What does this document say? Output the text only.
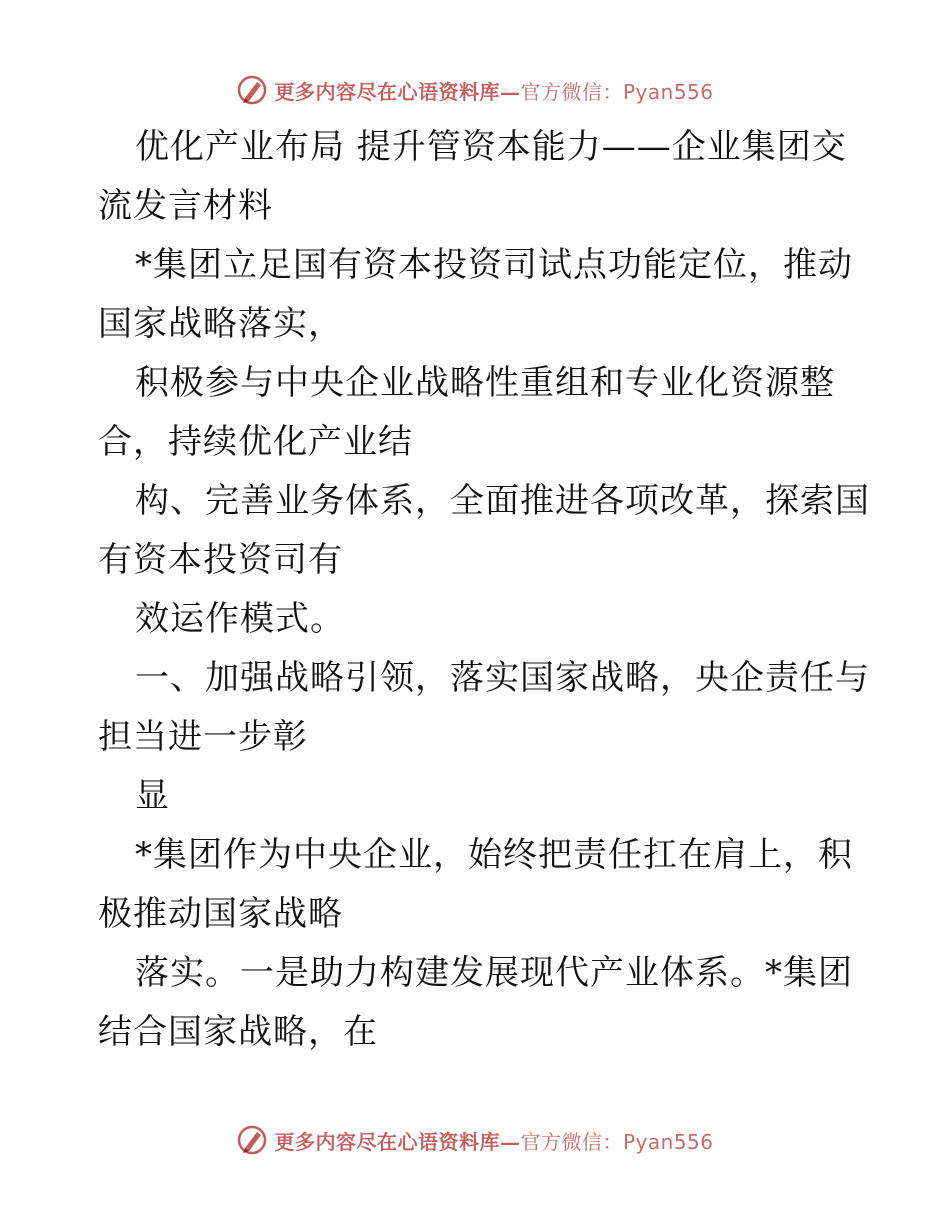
更多内容尽在心语资料库—官方微信：Pyan556
优化产业布局 提升管资本能力——企业集团交
流发言材料
*集团立足国有资本投资司试点功能定位，推动
国家战略落实，
积极参与中央企业战略性重组和专业化资源整
合，持续优化产业结
构、完善业务体系，全面推进各项改革，探索国
有资本投资司有
效运作模式。
一、加强战略引领，落实国家战略，央企责任与
担当进一步彰
显
*集团作为中央企业，始终把责任扛在肩上，积
极推动国家战略
落实。一是助力构建发展现代产业体系。*集团
结合国家战略，在
更多内容尽在心语资料库—官方微信：Pyan556
